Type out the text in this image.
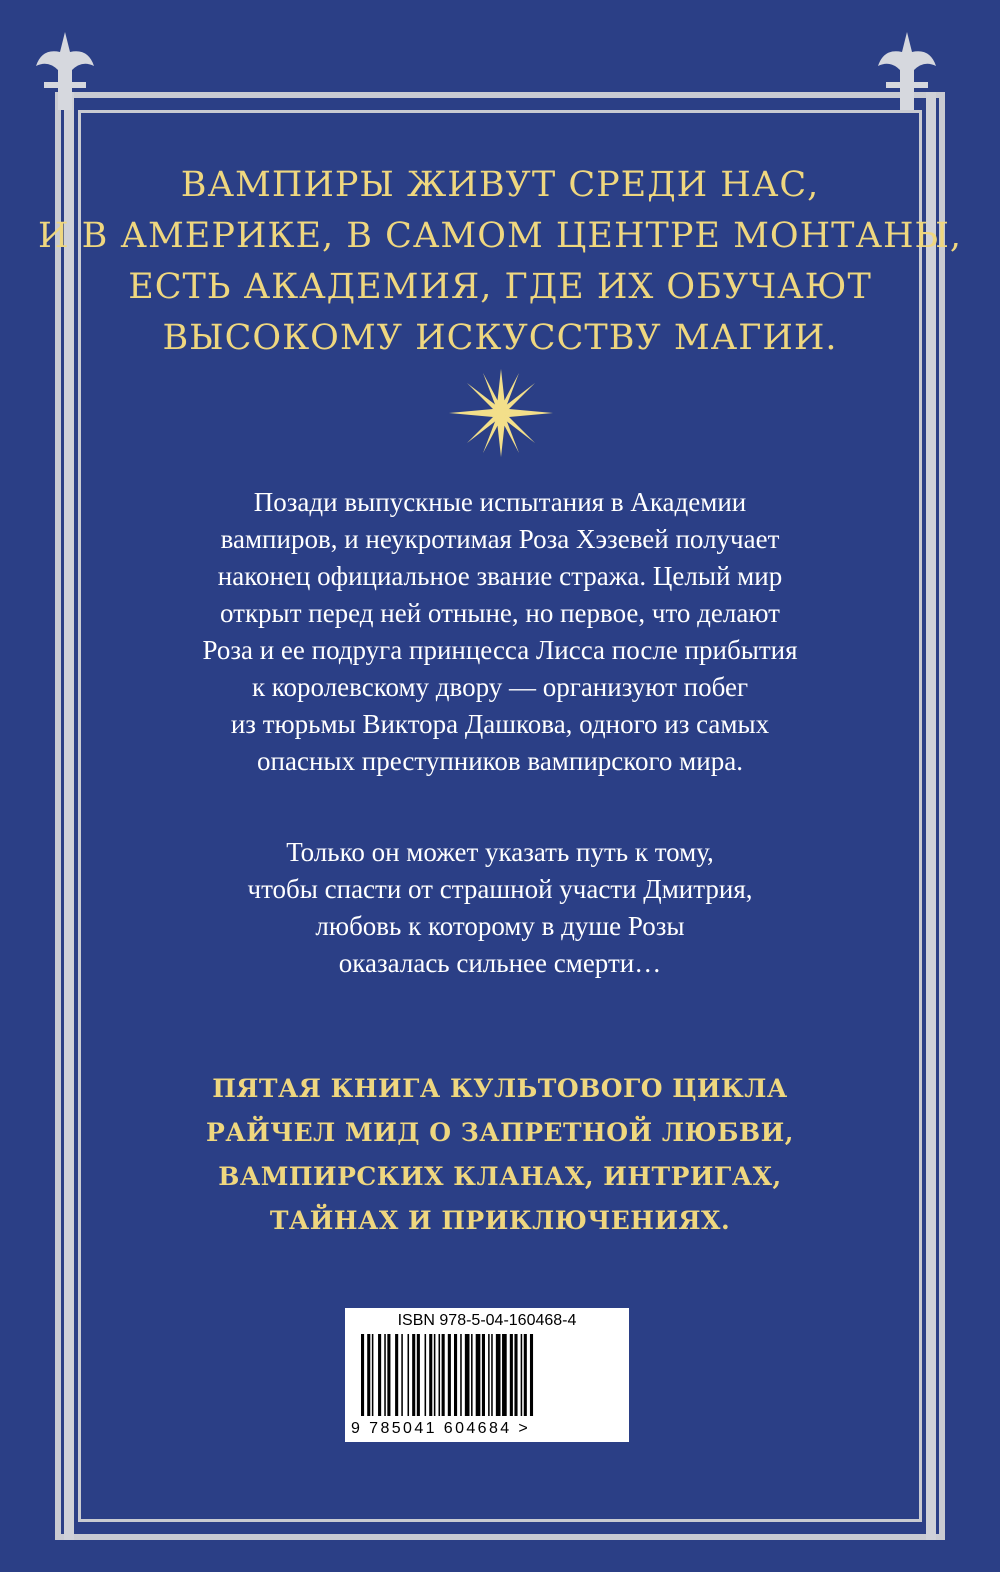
ВАМПИРЫ ЖИВУТ СРЕДИ НАС,
И В АМЕРИКЕ, В САМОМ ЦЕНТРЕ МОНТАНЫ,
ЕСТЬ АКАДЕМИЯ, ГДЕ ИХ ОБУЧАЮТ
ВЫСОКОМУ ИСКУССТВУ МАГИИ.
Позади выпускные испытания в Академии
вампиров, и неукротимая Роза Хэзевей получает
наконец официальное звание стража. Целый мир
открыт перед ней отныне, но первое, что делают
Роза и ее подруга принцесса Лисса после прибытия
к королевскому двору — организуют побег
из тюрьмы Виктора Дашкова, одного из самых
опасных преступников вампирского мира.
Только он может указать путь к тому,
чтобы спасти от страшной участи Дмитрия,
любовь к которому в душе Розы
оказалась сильнее смерти…
ПЯТАЯ КНИГА КУЛЬТОВОГО ЦИКЛА
РАЙЧЕЛ МИД О ЗАПРЕТНОЙ ЛЮБВИ,
ВАМПИРСКИХ КЛАНАХ, ИНТРИГАХ,
ТАЙНАХ И ПРИКЛЮЧЕНИЯХ.
ISBN 978-5-04-160468-4
9 785041 604684 >
